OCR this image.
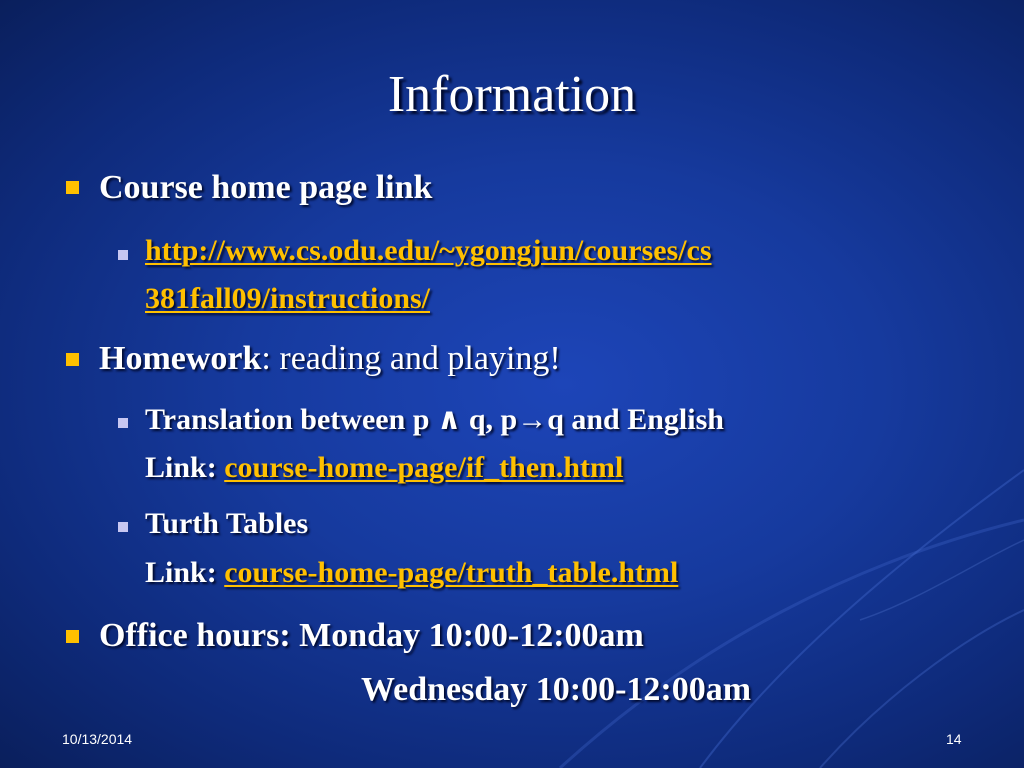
Information
Course home page link
http://www.cs.odu.edu/~ygongjun/courses/cs
381fall09/instructions/
Homework: reading and playing!
Translation between p ∧ q, p→q and English
Link: course-home-page/if_then.html
Turth Tables
Link: course-home-page/truth_table.html
Office hours: Monday 10:00-12:00am
Wednesday 10:00-12:00am
10/13/2014	14
